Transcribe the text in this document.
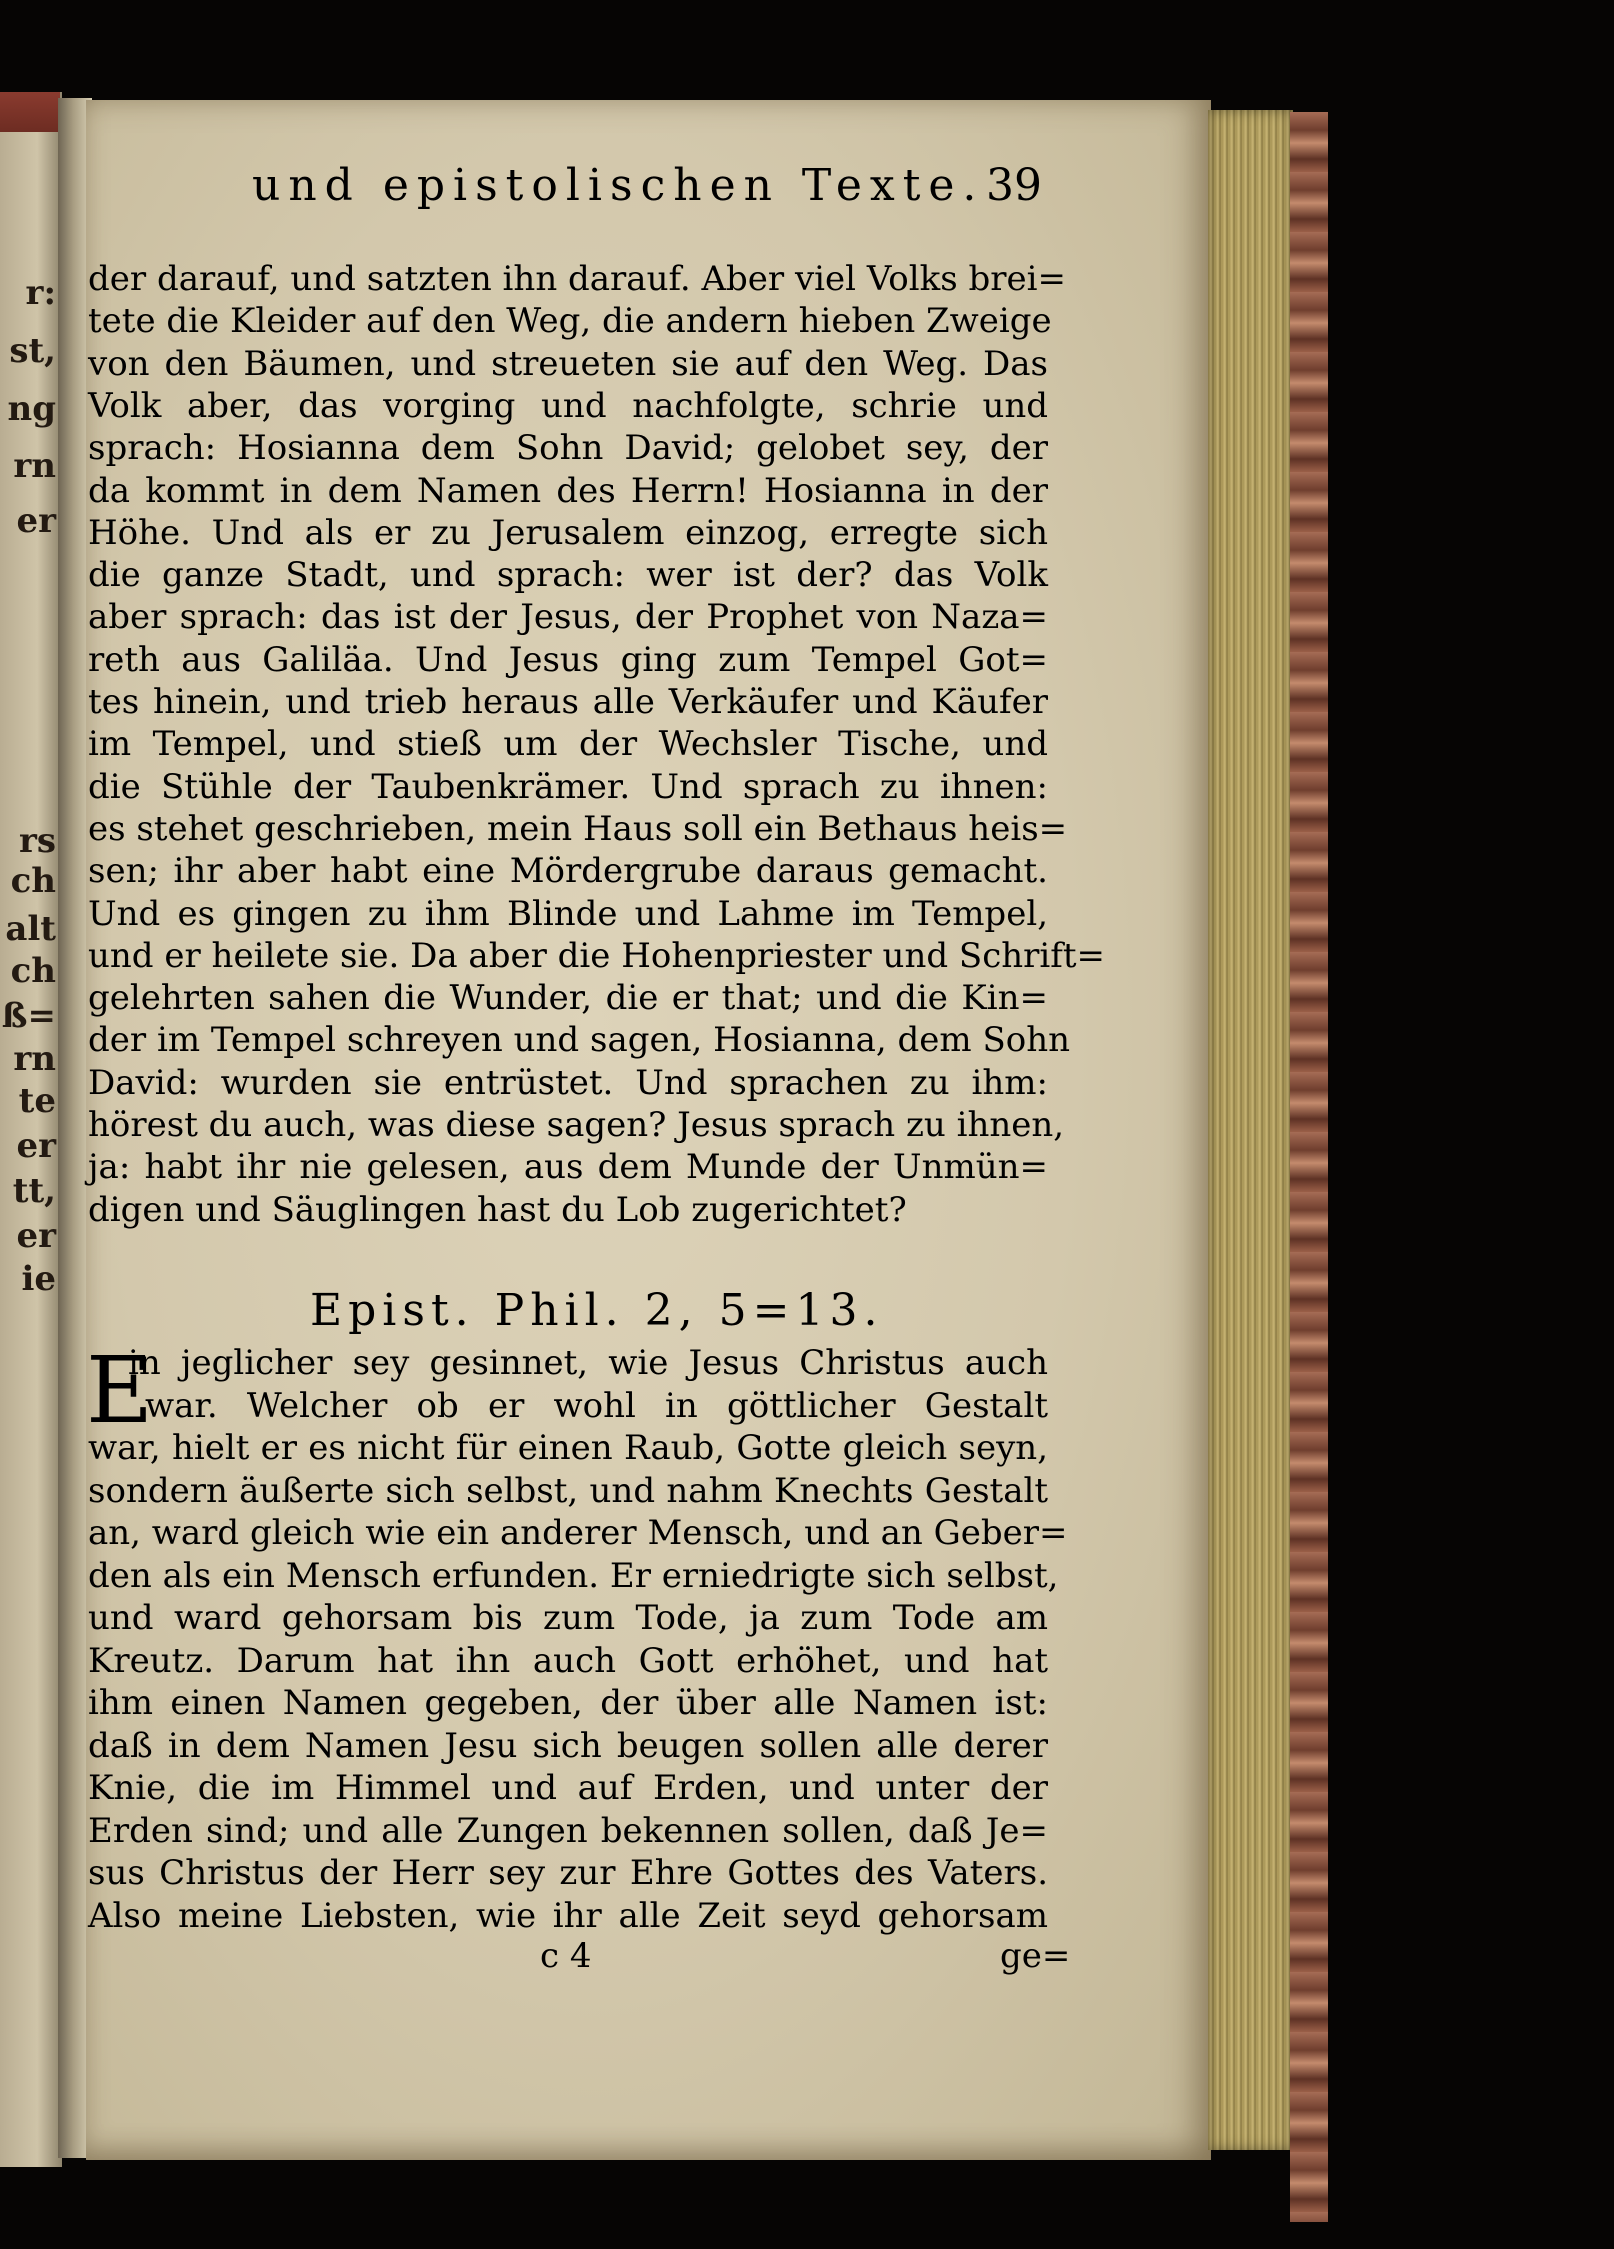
r:
st,
ng
rn
er
rs
ch
alt
ch
ß=
rn
te
er
tt,
er
ie
und epistolischen Texte. 39
der darauf, und satzten ihn darauf. Aber viel Volks brei=
tete die Kleider auf den Weg, die andern hieben Zweige
von den Bäumen, und streueten sie auf den Weg. Das
Volk aber, das vorging und nachfolgte, schrie und
sprach: Hosianna dem Sohn David; gelobet sey, der
da kommt in dem Namen des Herrn! Hosianna in der
Höhe. Und als er zu Jerusalem einzog, erregte sich
die ganze Stadt, und sprach: wer ist der? das Volk
aber sprach: das ist der Jesus, der Prophet von Naza=
reth aus Galiläa. Und Jesus ging zum Tempel Got=
tes hinein, und trieb heraus alle Verkäufer und Käufer
im Tempel, und stieß um der Wechsler Tische, und
die Stühle der Taubenkrämer. Und sprach zu ihnen:
es stehet geschrieben, mein Haus soll ein Bethaus heis=
sen; ihr aber habt eine Mördergrube daraus gemacht.
Und es gingen zu ihm Blinde und Lahme im Tempel,
und er heilete sie. Da aber die Hohenpriester und Schrift=
gelehrten sahen die Wunder, die er that; und die Kin=
der im Tempel schreyen und sagen, Hosianna, dem Sohn
David: wurden sie entrüstet. Und sprachen zu ihm:
hörest du auch, was diese sagen? Jesus sprach zu ihnen,
ja: habt ihr nie gelesen, aus dem Munde der Unmün=
digen und Säuglingen hast du Lob zugerichtet?
Epist. Phil. 2, 5=13.
E
in jeglicher sey gesinnet, wie Jesus Christus auch
war. Welcher ob er wohl in göttlicher Gestalt
war, hielt er es nicht für einen Raub, Gotte gleich seyn,
sondern äußerte sich selbst, und nahm Knechts Gestalt
an, ward gleich wie ein anderer Mensch, und an Geber=
den als ein Mensch erfunden. Er erniedrigte sich selbst,
und ward gehorsam bis zum Tode, ja zum Tode am
Kreutz. Darum hat ihn auch Gott erhöhet, und hat
ihm einen Namen gegeben, der über alle Namen ist:
daß in dem Namen Jesu sich beugen sollen alle derer
Knie, die im Himmel und auf Erden, und unter der
Erden sind; und alle Zungen bekennen sollen, daß Je=
sus Christus der Herr sey zur Ehre Gottes des Vaters.
Also meine Liebsten, wie ihr alle Zeit seyd gehorsam
c 4	ge=
